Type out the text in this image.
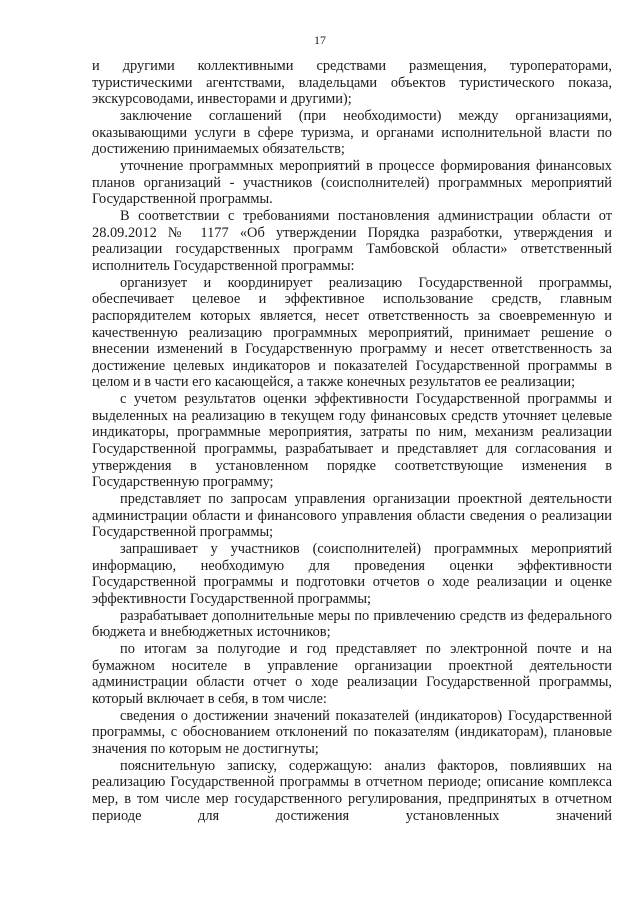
17

и другими коллективными средствами размещения, туроператорами, туристическими агентствами, владельцами объектов туристического показа, экскурсоводами, инвесторами и другими);

заключение соглашений (при необходимости) между организациями, оказывающими услуги в сфере туризма, и органами исполнительной власти по достижению принимаемых обязательств;

уточнение программных мероприятий в процессе формирования финансовых планов организаций - участников (соисполнителей) программных мероприятий Государственной программы.

В соответствии с требованиями постановления администрации области от 28.09.2012 № 1177 «Об утверждении Порядка разработки, утверждения и реализации государственных программ Тамбовской области» ответственный исполнитель Государственной программы:

организует и координирует реализацию Государственной программы, обеспечивает целевое и эффективное использование средств, главным распорядителем которых является, несет ответственность за своевременную и качественную реализацию программных мероприятий, принимает решение о внесении изменений в Государственную программу и несет ответственность за достижение целевых индикаторов и показателей Государственной программы в целом и в части его касающейся, а также конечных результатов ее реализации;

с учетом результатов оценки эффективности Государственной программы и выделенных на реализацию в текущем году финансовых средств уточняет целевые индикаторы, программные мероприятия, затраты по ним, механизм реализации Государственной программы, разрабатывает и представляет для согласования и утверждения в установленном порядке соответствующие изменения в Государственную программу;

представляет по запросам управления организации проектной деятельности администрации области и финансового управления области сведения о реализации Государственной программы;

запрашивает у участников (соисполнителей) программных мероприятий информацию, необходимую для проведения оценки эффективности Государственной программы и подготовки отчетов о ходе реализации и оценке эффективности Государственной программы;

разрабатывает дополнительные меры по привлечению средств из федерального бюджета и внебюджетных источников;

по итогам за полугодие и год представляет по электронной почте и на бумажном носителе в управление организации проектной деятельности администрации области отчет о ходе реализации Государственной программы, который включает в себя, в том числе:

сведения о достижении значений показателей (индикаторов) Государственной программы, с обоснованием отклонений по показателям (индикаторам), плановые значения по которым не достигнуты;

пояснительную записку, содержащую: анализ факторов, повлиявших на реализацию Государственной программы в отчетном периоде; описание комплекса мер, в том числе мер государственного регулирования, предпринятых в отчетном периоде для достижения установленных значений
